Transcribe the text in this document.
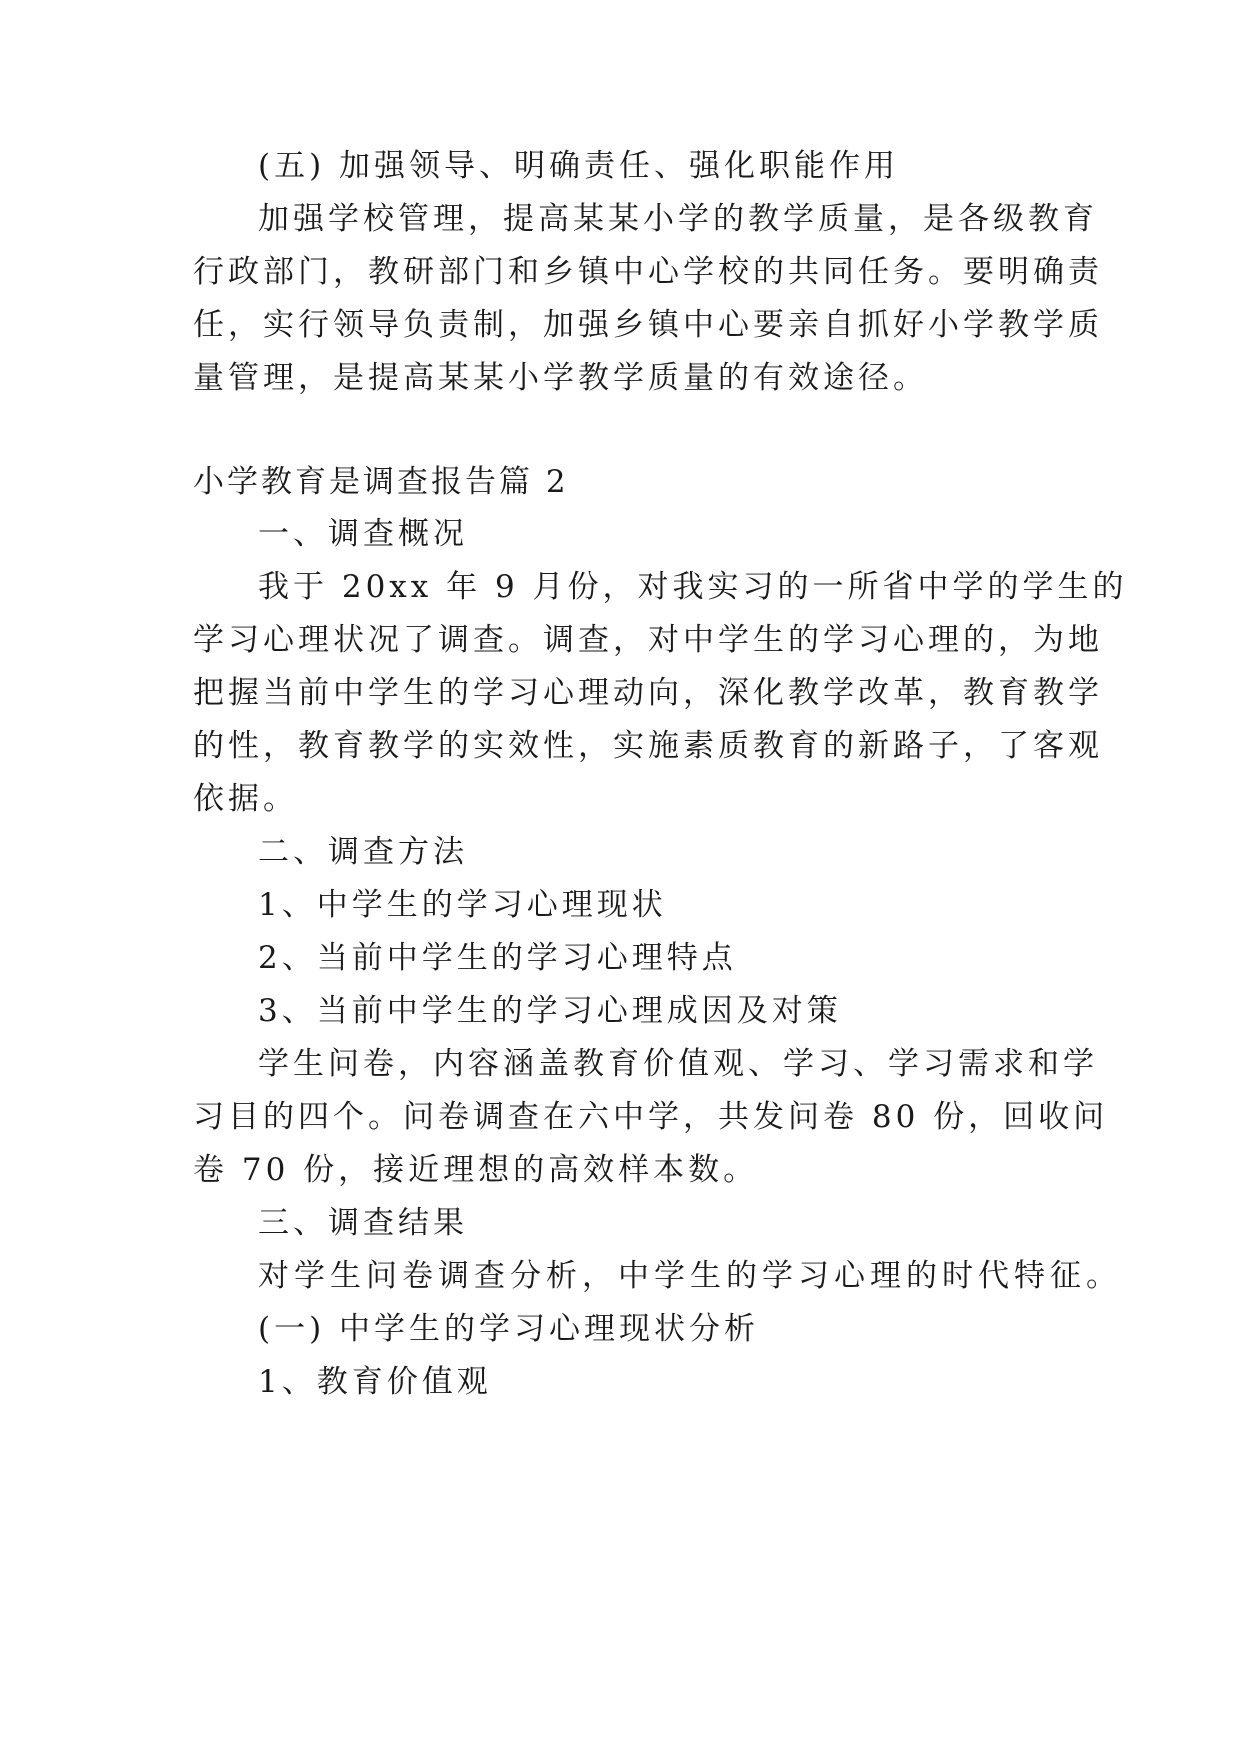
(五) 加强领导、明确责任、强化职能作用
加强学校管理，提高某某小学的教学质量，是各级教育
行政部门，教研部门和乡镇中心学校的共同任务。要明确责
任，实行领导负责制，加强乡镇中心要亲自抓好小学教学质
量管理，是提高某某小学教学质量的有效途径。
小学教育是调查报告篇 2
一、调查概况
我于 20xx 年 9 月份，对我实习的一所省中学的学生的
学习心理状况了调查。调查，对中学生的学习心理的，为地
把握当前中学生的学习心理动向，深化教学改革，教育教学
的性，教育教学的实效性，实施素质教育的新路子，了客观
依据。
二、调查方法
1、中学生的学习心理现状
2、当前中学生的学习心理特点
3、当前中学生的学习心理成因及对策
学生问卷，内容涵盖教育价值观、学习、学习需求和学
习目的四个。问卷调查在六中学，共发问卷 80 份，回收问
卷 70 份，接近理想的高效样本数。
三、调查结果
对学生问卷调查分析，中学生的学习心理的时代特征。
(一) 中学生的学习心理现状分析
1、教育价值观
